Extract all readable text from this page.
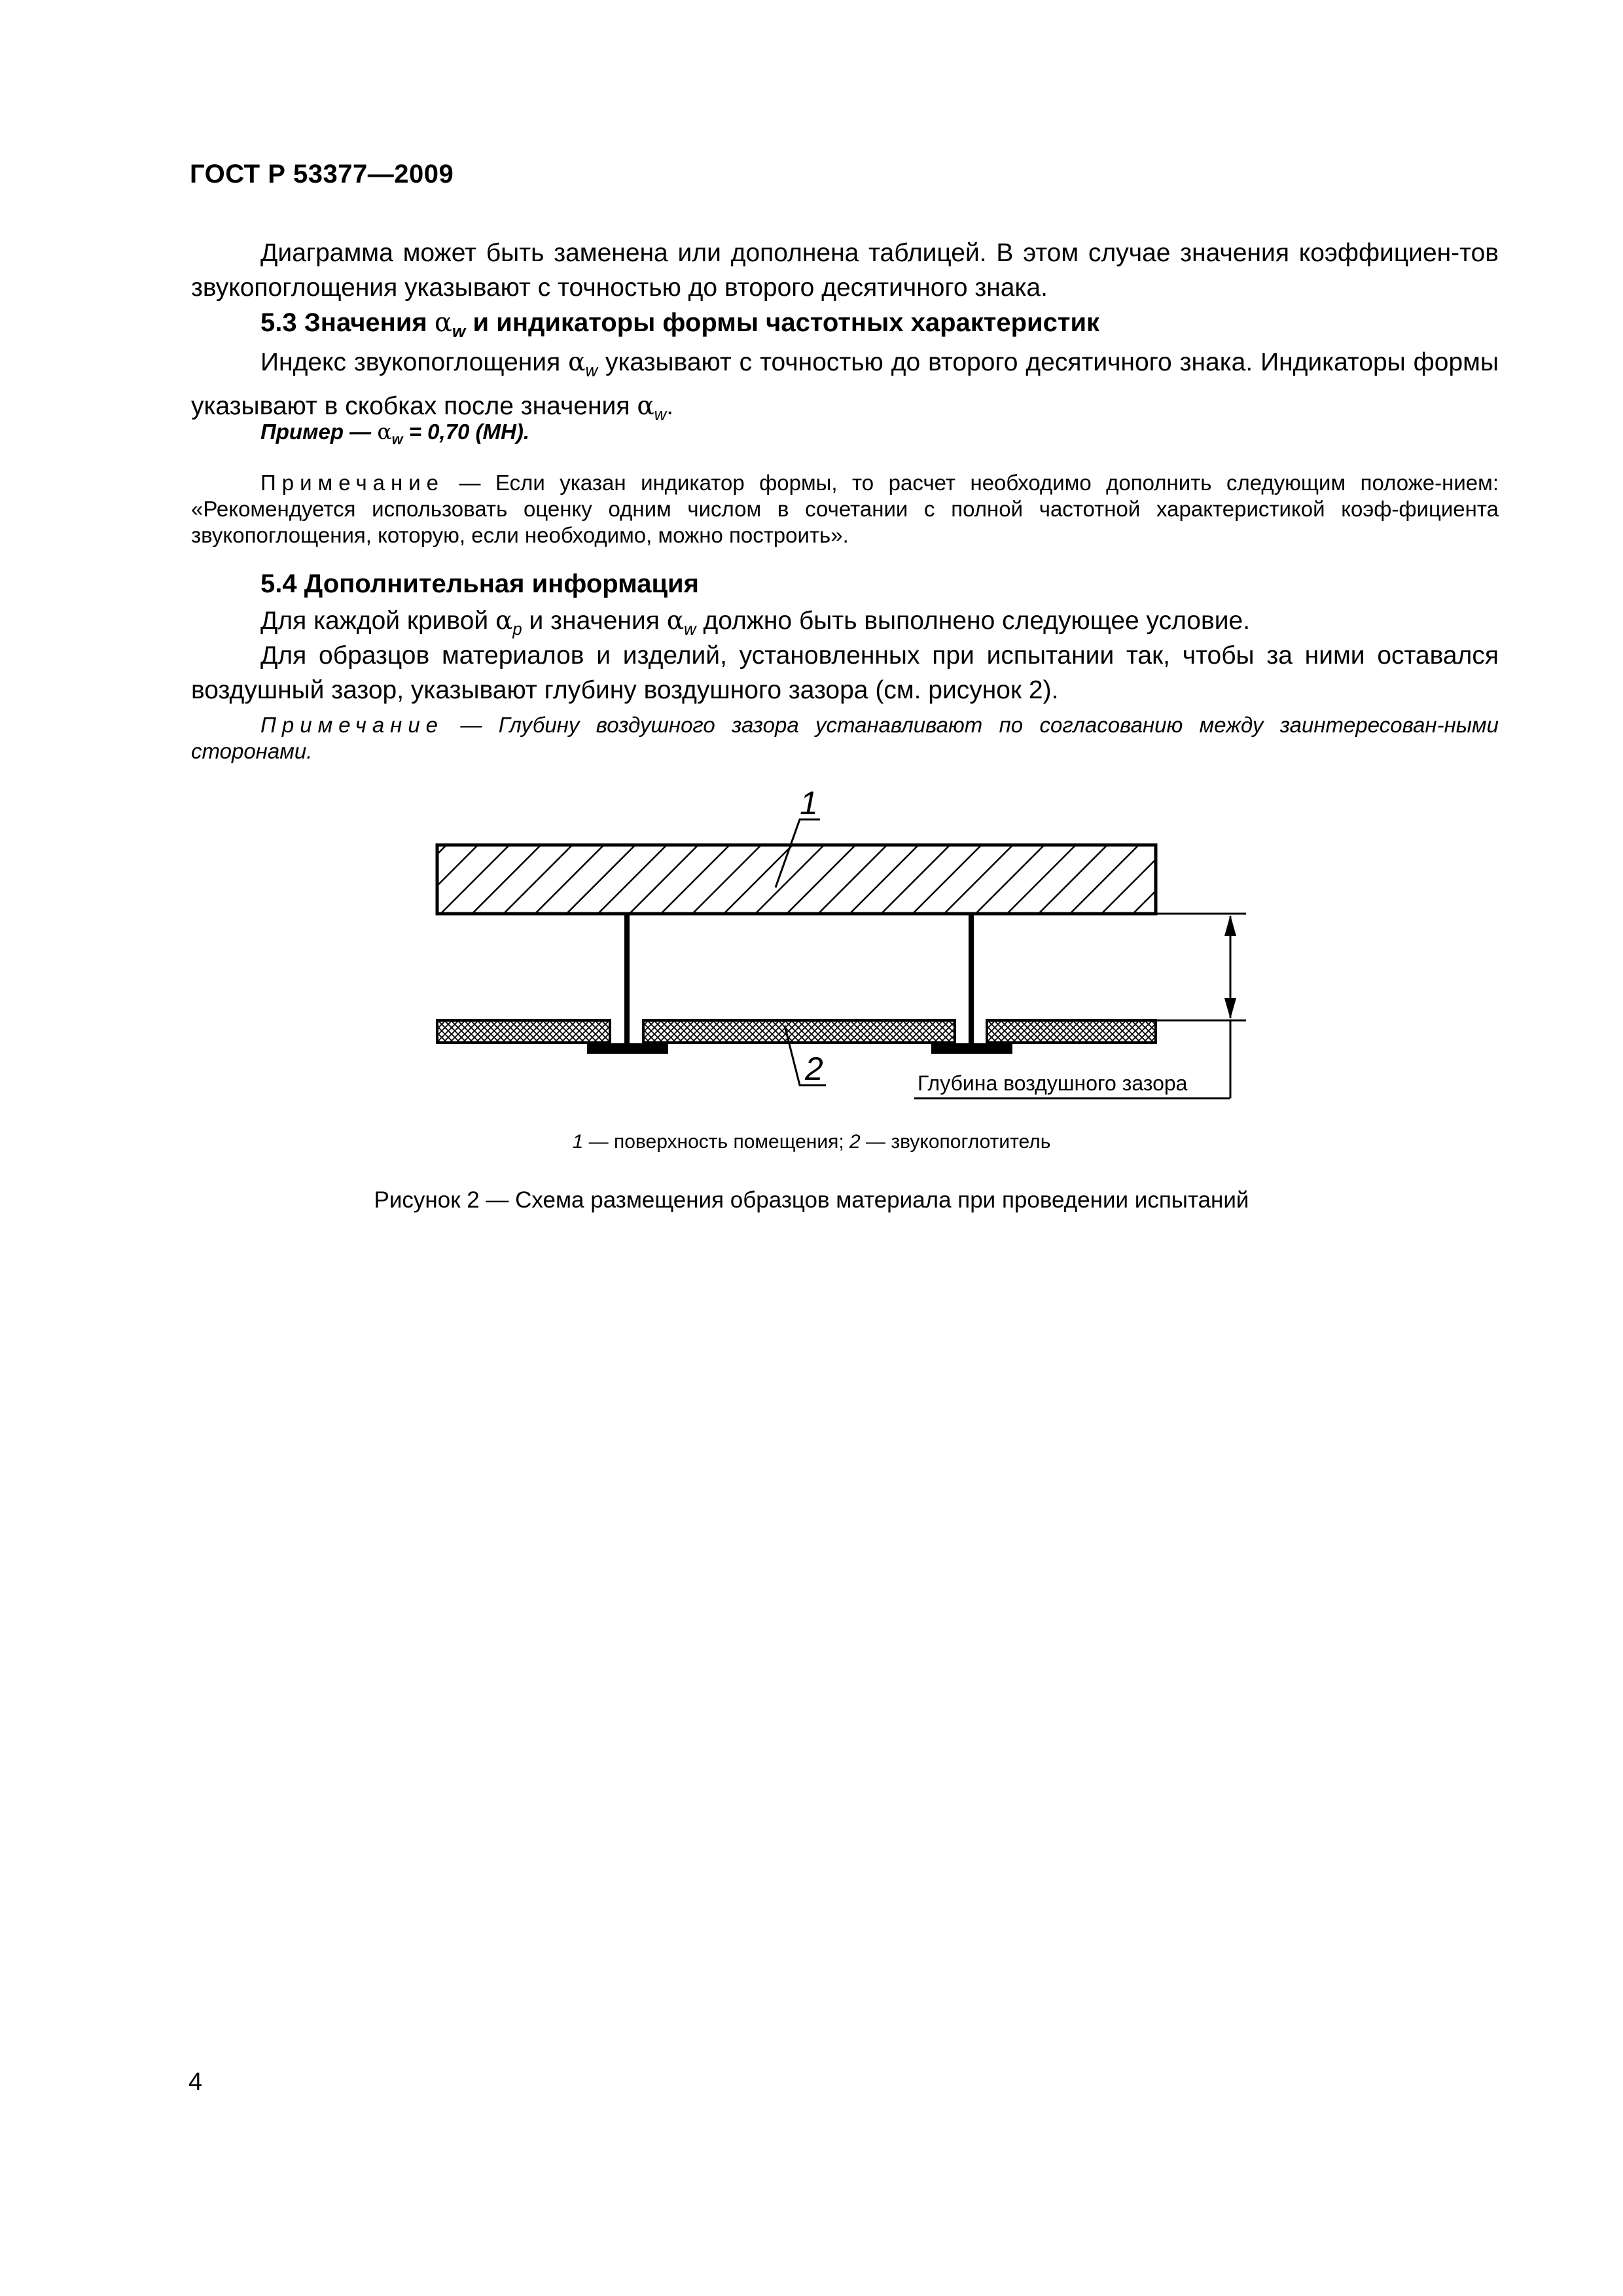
ГОСТ Р 53377—2009
Диаграмма может быть заменена или дополнена таблицей. В этом случае значения коэффициен-тов звукопоглощения указывают с точностью до второго десятичного знака.
5.3 Значения $\alpha_w$ и индикаторы формы частотных характеристик
Индекс звукопоглощения $\alpha_w$ указывают с точностью до второго десятичного знака. Индикаторы формы указывают в скобках после значения $\alpha_w$.
Пример — $\alpha_w = 0,70$ (МН).
Примечание — Если указан индикатор формы, то расчет необходимо дополнить следующим положе-нием: «Рекомендуется использовать оценку одним числом в сочетании с полной частотной характеристикой коэф-фициента звукопоглощения, которую, если необходимо, можно построить».
5.4 Дополнительная информация
Для каждой кривой $\alpha_p$ и значения $\alpha_w$ должно быть выполнено следующее условие.
Для образцов материалов и изделий, установленных при испытании так, чтобы за ними оставался воздушный зазор, указывают глубину воздушного зазора (см. рисунок 2).
Примечание — Глубину воздушного зазора устанавливают по согласованию между заинтересован-ными сторонами.
1
2	Глубина воздушного зазора
1 — поверхность помещения; 2 — звукопоглотитель
Рисунок 2 — Схема размещения образцов материала при проведении испытаний
4
